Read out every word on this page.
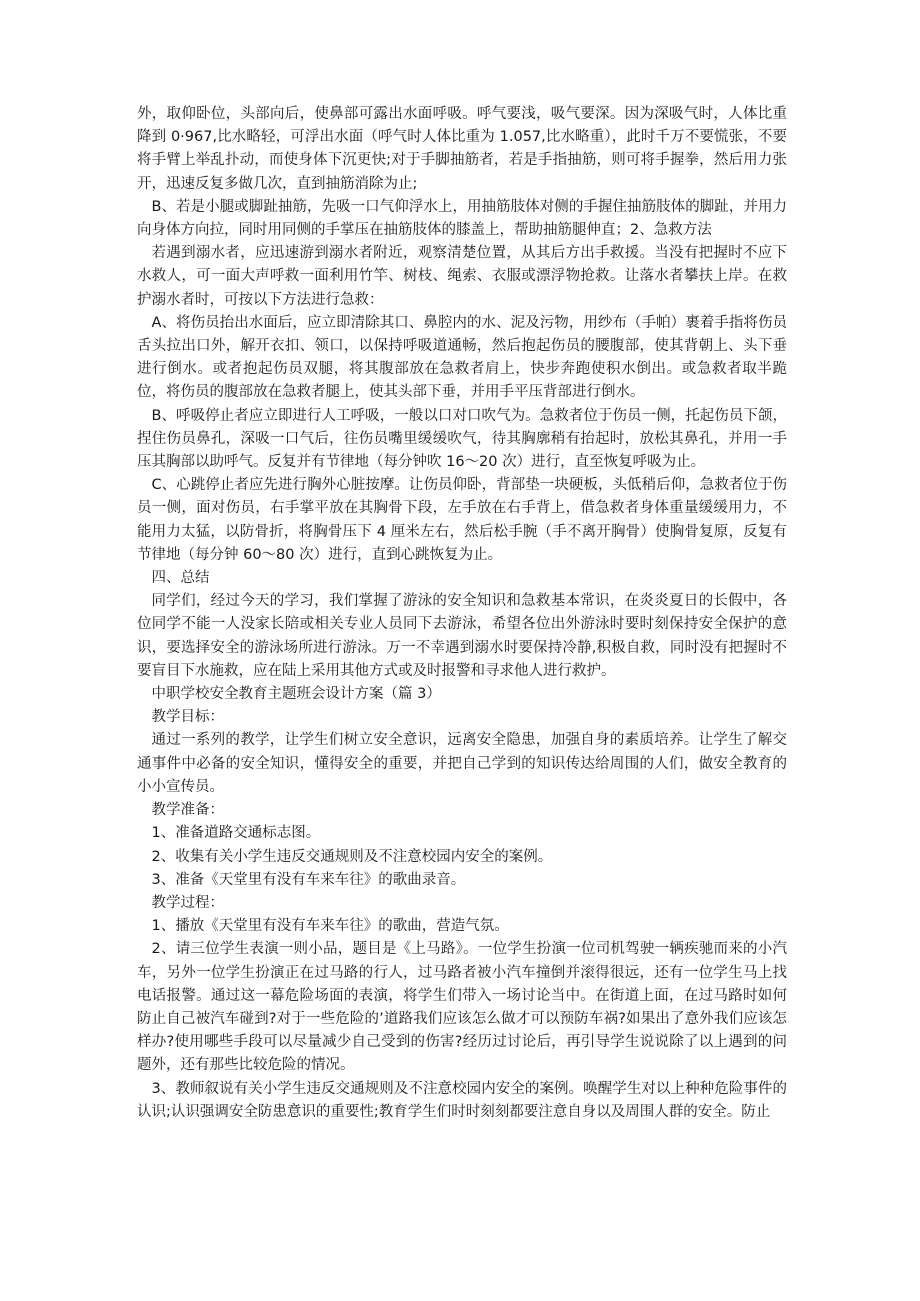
外，取仰卧位，头部向后，使鼻部可露出水面呼吸。呼气要浅，吸气要深。因为深吸气时，人体比重降到 0·967,比水略轻，可浮出水面（呼气时人体比重为 1.057,比水略重），此时千万不要慌张，不要将手臂上举乱扑动，而使身体下沉更快;对于手脚抽筋者，若是手指抽筋，则可将手握拳，然后用力张开，迅速反复多做几次，直到抽筋消除为止;

B、若是小腿或脚趾抽筋，先吸一口气仰浮水上，用抽筋肢体对侧的手握住抽筋肢体的脚趾，并用力向身体方向拉，同时用同侧的手掌压在抽筋肢体的膝盖上，帮助抽筋腿伸直；2、急救方法

若遇到溺水者，应迅速游到溺水者附近，观察清楚位置，从其后方出手救援。当没有把握时不应下水救人，可一面大声呼救一面利用竹竿、树枝、绳索、衣服或漂浮物抢救。让落水者攀扶上岸。在救护溺水者时，可按以下方法进行急救：

A、将伤员抬出水面后，应立即清除其口、鼻腔内的水、泥及污物，用纱布（手帕）裹着手指将伤员舌头拉出口外，解开衣扣、领口，以保持呼吸道通畅，然后抱起伤员的腰腹部，使其背朝上、头下垂进行倒水。或者抱起伤员双腿，将其腹部放在急救者肩上，快步奔跑使积水倒出。或急救者取半跪位，将伤员的腹部放在急救者腿上，使其头部下垂，并用手平压背部进行倒水。

B、呼吸停止者应立即进行人工呼吸，一般以口对口吹气为。急救者位于伤员一侧，托起伤员下颌，捏住伤员鼻孔，深吸一口气后，往伤员嘴里缓缓吹气，待其胸廓稍有抬起时，放松其鼻孔，并用一手压其胸部以助呼气。反复并有节律地（每分钟吹 16～20 次）进行，直至恢复呼吸为止。

C、心跳停止者应先进行胸外心脏按摩。让伤员仰卧，背部垫一块硬板，头低稍后仰，急救者位于伤员一侧，面对伤员，右手掌平放在其胸骨下段，左手放在右手背上，借急救者身体重量缓缓用力，不能用力太猛，以防骨折，将胸骨压下 4 厘米左右，然后松手腕（手不离开胸骨）使胸骨复原，反复有节律地（每分钟 60～80 次）进行，直到心跳恢复为止。

四、总结

同学们，经过今天的学习，我们掌握了游泳的安全知识和急救基本常识，在炎炎夏日的长假中，各位同学不能一人没家长陪或相关专业人员同下去游泳，希望各位出外游泳时要时刻保持安全保护的意识，要选择安全的游泳场所进行游泳。万一不幸遇到溺水时要保持冷静,积极自救，同时没有把握时不要盲目下水施救，应在陆上采用其他方式或及时报警和寻求他人进行救护。

中职学校安全教育主题班会设计方案（篇 3）

教学目标：

通过一系列的教学，让学生们树立安全意识，远离安全隐患，加强自身的素质培养。让学生了解交通事件中必备的安全知识，懂得安全的重要，并把自己学到的知识传达给周围的人们，做安全教育的小小宣传员。

教学准备：

1、准备道路交通标志图。

2、收集有关小学生违反交通规则及不注意校园内安全的案例。

3、准备《天堂里有没有车来车往》的歌曲录音。

教学过程：

1、播放《天堂里有没有车来车往》的歌曲，营造气氛。

2、请三位学生表演一则小品，题目是《上马路》。一位学生扮演一位司机驾驶一辆疾驰而来的小汽车，另外一位学生扮演正在过马路的行人，过马路者被小汽车撞倒并滚得很远，还有一位学生马上找电话报警。通过这一幕危险场面的表演，将学生们带入一场讨论当中。在街道上面，在过马路时如何防止自己被汽车碰到?对于一些危险的’道路我们应该怎么做才可以预防车祸?如果出了意外我们应该怎样办?使用哪些手段可以尽量减少自己受到的伤害?经历过讨论后，再引导学生说说除了以上遇到的问题外，还有那些比较危险的情况。

3、教师叙说有关小学生违反交通规则及不注意校园内安全的案例。唤醒学生对以上种种危险事件的认识;认识强调安全防患意识的重要性;教育学生们时时刻刻都要注意自身以及周围人群的安全。防止
